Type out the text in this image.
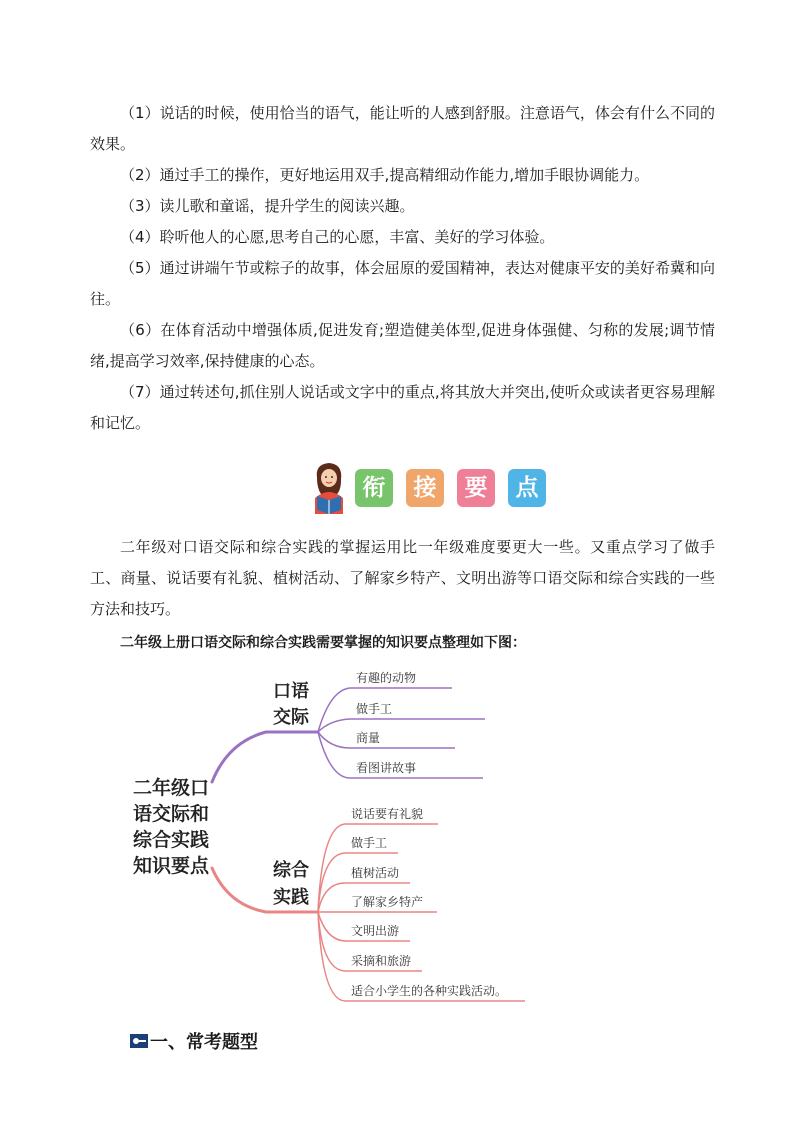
（1）说话的时候，使用恰当的语气，能让听的人感到舒服。注意语气，体会有什么不同的效果。

（2）通过手工的操作，更好地运用双手,提高精细动作能力,增加手眼协调能力。

（3）读儿歌和童谣，提升学生的阅读兴趣。

（4）聆听他人的心愿,思考自己的心愿，丰富、美好的学习体验。

（5）通过讲端午节或粽子的故事，体会屈原的爱国精神，表达对健康平安的美好希冀和向往。

（6）在体育活动中增强体质,促进发育;塑造健美体型,促进身体强健、匀称的发展;调节情绪,提高学习效率,保持健康的心态。

（7）通过转述句,抓住别人说话或文字中的重点,将其放大并突出,使听众或读者更容易理解和记忆。

衔	接	要	点

二年级对口语交际和综合实践的掌握运用比一年级难度要更大一些。又重点学习了做手工、商量、说话要有礼貌、植树活动、了解家乡特产、文明出游等口语交际和综合实践的一些方法和技巧。

二年级上册口语交际和综合实践需要掌握的知识要点整理如下图：
二年级口
语交际和
综合实践
知识要点
口语
交际
综合
实践
有趣的动物
做手工
商量
看图讲故事
说话要有礼貌
做手工
植树活动
了解家乡特产
文明出游
采摘和旅游
适合小学生的各种实践活动。
一、常考题型
